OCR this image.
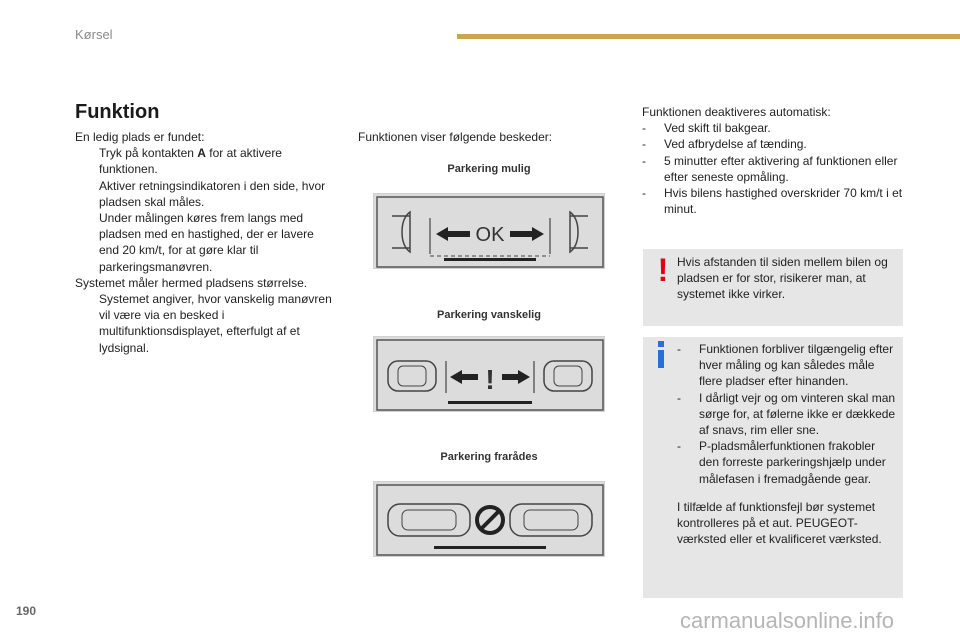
Kørsel
Funktion

En ledig plads er fundet:

Tryk på kontakten A for at aktivere funktionen.

Aktiver retningsindikatoren i den side, hvor pladsen skal måles.

Under målingen køres frem langs med pladsen med en hastighed, der er lavere end 20 km/t, for at gøre klar til parkeringsmanøvren.

Systemet måler hermed pladsens størrelse.

Systemet angiver, hvor vanskelig manøvren vil være via en besked i multifunktionsdisplayet, efterfulgt af et lydsignal.

Funktionen viser følgende beskeder:
Parkering mulig
OK
Parkering vanskelig
!
Parkering frarådes

Funktionen deaktiveres automatisk:

- Ved skift til bakgear.

- Ved afbrydelse af tænding.

- 5 minutter efter aktivering af funktionen eller efter seneste opmåling.

- Hvis bilens hastighed overskrider 70 km/t i et minut.

! Hvis afstanden til siden mellem bilen og pladsen er for stor, risikerer man, at systemet ikke virker.

- Funktionen forbliver tilgængelig efter hver måling og kan således måle flere pladser efter hinanden.

- I dårligt vejr og om vinteren skal man sørge for, at følerne ikke er dækkede af snavs, rim eller sne.

- P-pladsmålerfunktionen frakobler den forreste parkeringshjælp under målefasen i fremadgående gear.

I tilfælde af funktionsfejl bør systemet kontrolleres på et aut. PEUGEOT-værksted eller et kvalificeret værksted.

190	carmanualsonline.info
